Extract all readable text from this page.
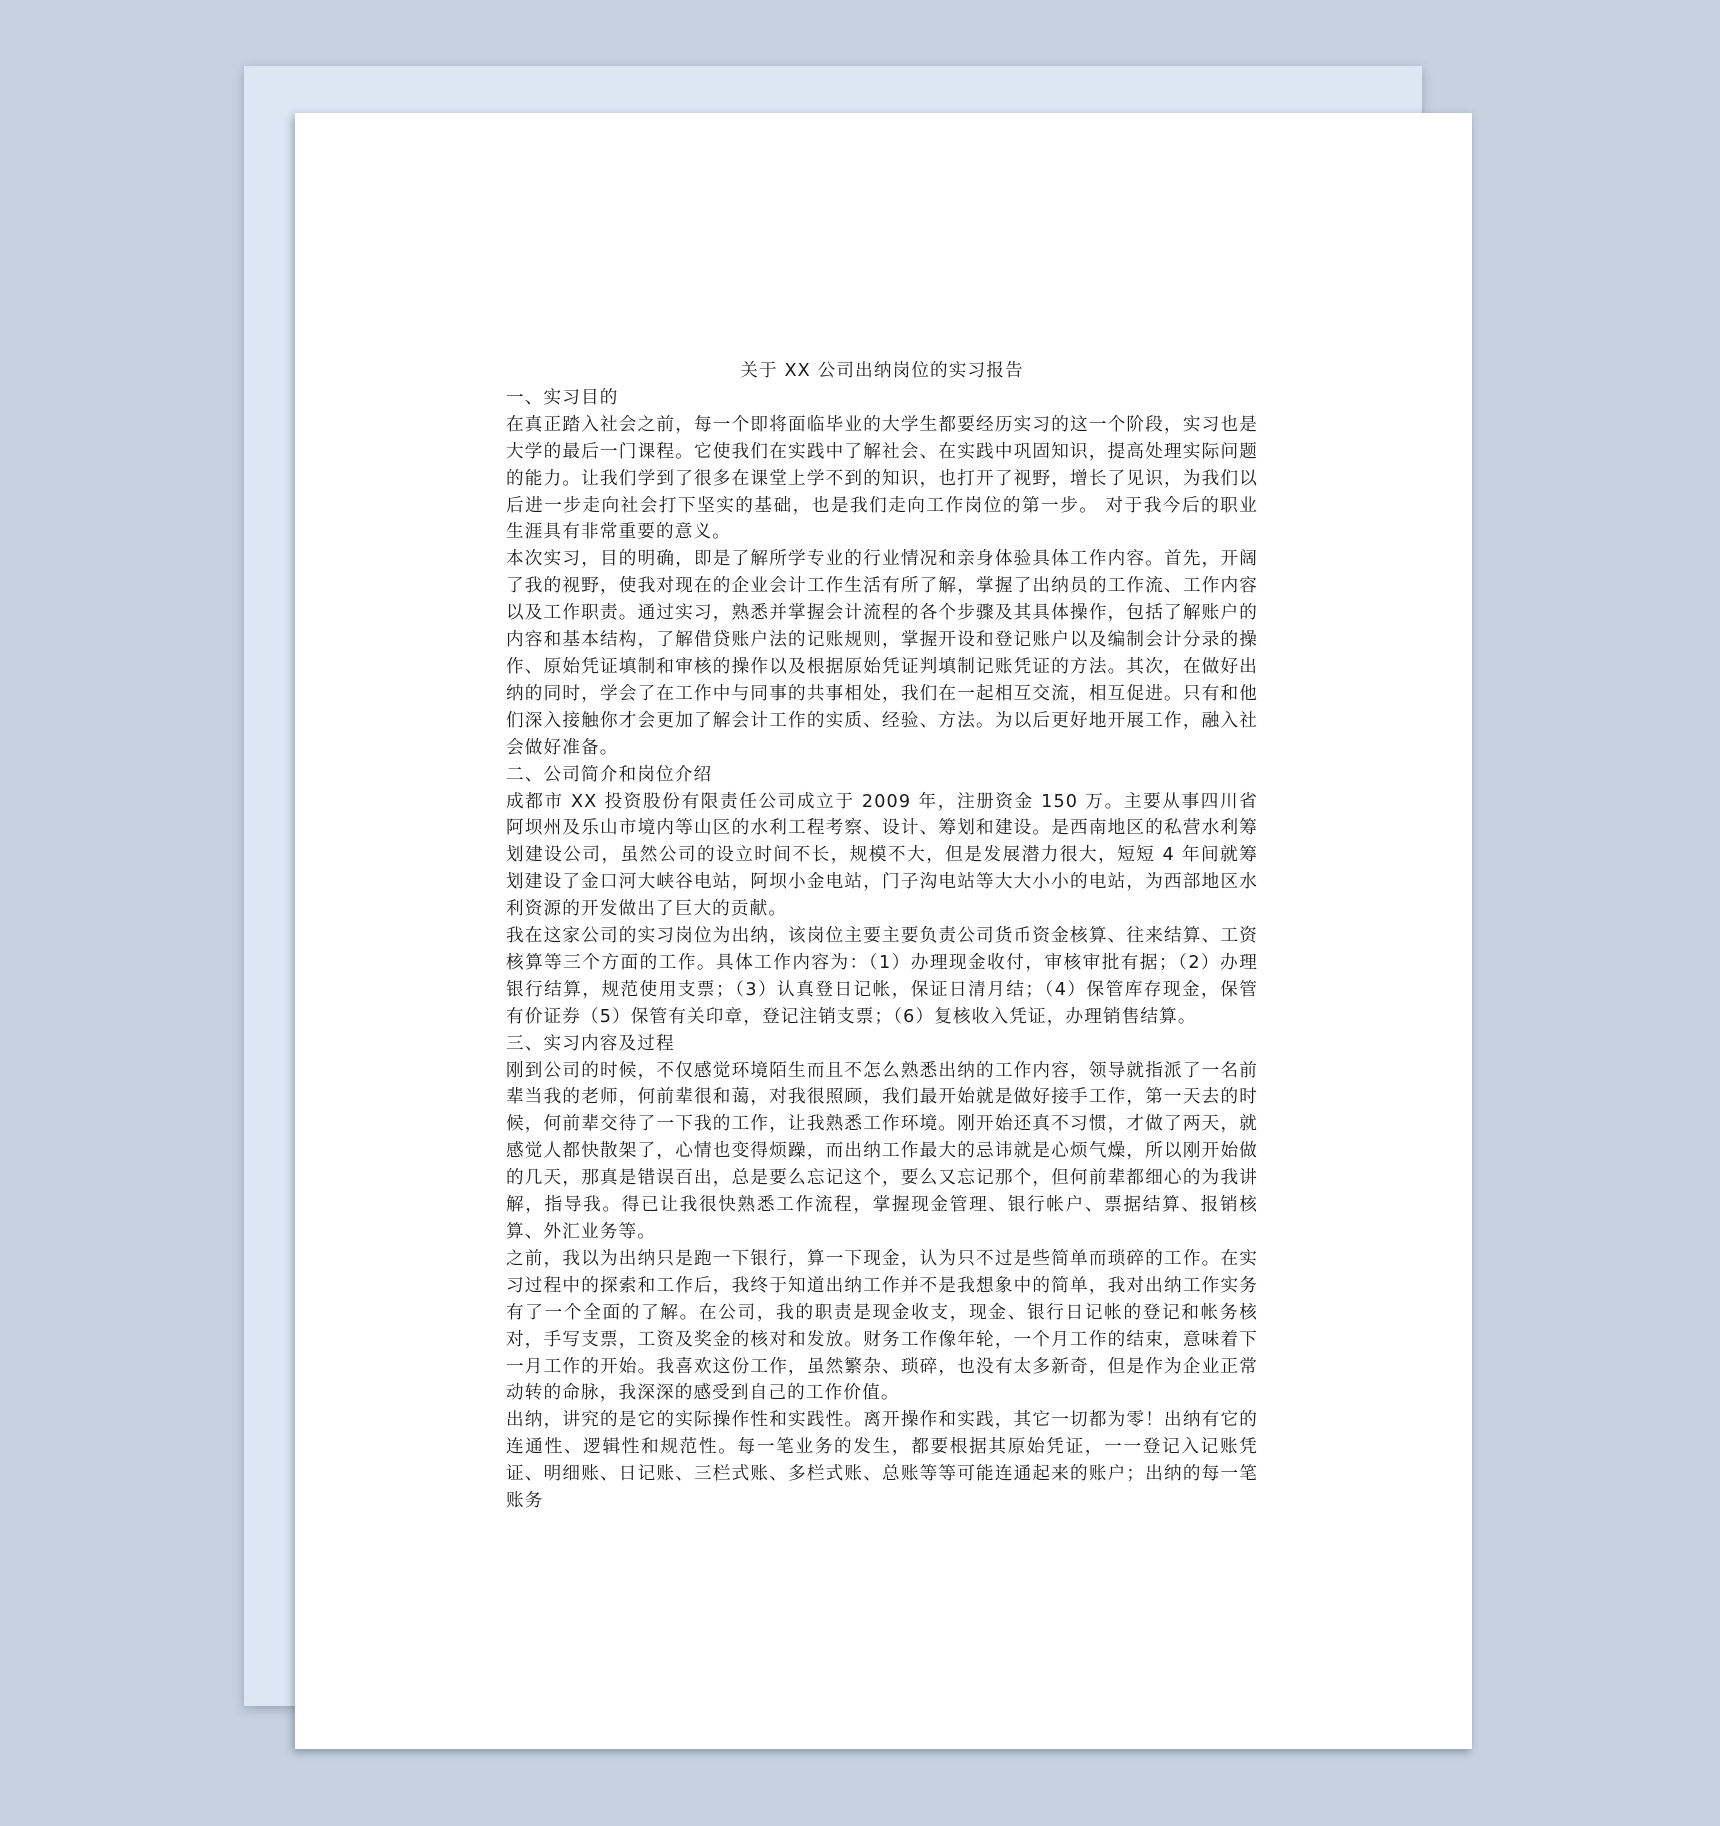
关于 XX 公司出纳岗位的实习报告
一、实习目的

在真正踏入社会之前，每一个即将面临毕业的大学生都要经历实习的这一个阶段，实习也是大学的最后一门课程。它使我们在实践中了解社会、在实践中巩固知识，提高处理实际问题的能力。让我们学到了很多在课堂上学不到的知识，也打开了视野，增长了见识，为我们以后进一步走向社会打下坚实的基础，也是我们走向工作岗位的第一步。 对于我今后的职业生涯具有非常重要的意义。

本次实习，目的明确，即是了解所学专业的行业情况和亲身体验具体工作内容。首先，开阔了我的视野，使我对现在的企业会计工作生活有所了解，掌握了出纳员的工作流、工作内容以及工作职责。通过实习，熟悉并掌握会计流程的各个步骤及其具体操作，包括了解账户的内容和基本结构，了解借贷账户法的记账规则，掌握开设和登记账户以及编制会计分录的操作、原始凭证填制和审核的操作以及根据原始凭证判填制记账凭证的方法。其次，在做好出纳的同时，学会了在工作中与同事的共事相处，我们在一起相互交流，相互促进。只有和他们深入接触你才会更加了解会计工作的实质、经验、方法。为以后更好地开展工作，融入社会做好准备。

二、公司简介和岗位介绍

成都市 XX 投资股份有限责任公司成立于 2009 年，注册资金 150 万。主要从事四川省阿坝州及乐山市境内等山区的水利工程考察、设计、筹划和建设。是西南地区的私营水利筹划建设公司，虽然公司的设立时间不长，规模不大，但是发展潜力很大，短短 4 年间就筹划建设了金口河大峡谷电站，阿坝小金电站，门子沟电站等大大小小的电站，为西部地区水利资源的开发做出了巨大的贡献。

我在这家公司的实习岗位为出纳，该岗位主要主要负责公司货币资金核算、往来结算、工资核算等三个方面的工作。具体工作内容为：（1）办理现金收付，审核审批有据；（2）办理银行结算，规范使用支票；（3）认真登日记帐，保证日清月结；（4）保管库存现金，保管有价证券（5）保管有关印章，登记注销支票；（6）复核收入凭证，办理销售结算。

三、实习内容及过程

刚到公司的时候，不仅感觉环境陌生而且不怎么熟悉出纳的工作内容，领导就指派了一名前辈当我的老师，何前辈很和蔼，对我很照顾，我们最开始就是做好接手工作，第一天去的时候，何前辈交待了一下我的工作，让我熟悉工作环境。刚开始还真不习惯，才做了两天，就感觉人都快散架了，心情也变得烦躁，而出纳工作最大的忌讳就是心烦气燥，所以刚开始做的几天，那真是错误百出，总是要么忘记这个，要么又忘记那个，但何前辈都细心的为我讲解，指导我。得已让我很快熟悉工作流程，掌握现金管理、银行帐户、票据结算、报销核算、外汇业务等。

之前，我以为出纳只是跑一下银行，算一下现金，认为只不过是些简单而琐碎的工作。在实习过程中的探索和工作后，我终于知道出纳工作并不是我想象中的简单，我对出纳工作实务有了一个全面的了解。在公司，我的职责是现金收支，现金、银行日记帐的登记和帐务核对，手写支票，工资及奖金的核对和发放。财务工作像年轮，一个月工作的结束，意味着下一月工作的开始。我喜欢这份工作，虽然繁杂、琐碎，也没有太多新奇，但是作为企业正常动转的命脉，我深深的感受到自己的工作价值。

出纳，讲究的是它的实际操作性和实践性。离开操作和实践，其它一切都为零！出纳有它的连通性、逻辑性和规范性。每一笔业务的发生，都要根据其原始凭证，一一登记入记账凭证、明细账、日记账、三栏式账、多栏式账、总账等等可能连通起来的账户；出纳的每一笔账务
